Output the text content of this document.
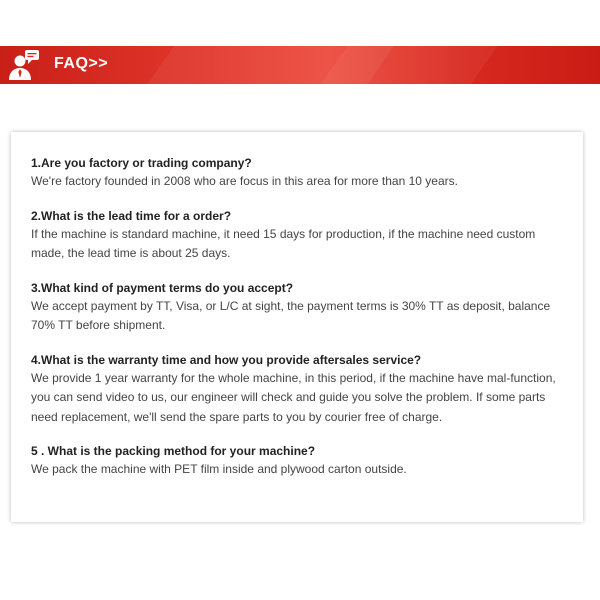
FAQ>>

1.Are you factory or trading company?

We're factory founded in 2008 who are focus in this area for more than 10 years.

2.What is the lead time for a order?

If the machine is standard machine, it need 15 days for production, if the machine need custom made, the lead time is about 25 days.

3.What kind of payment terms do you accept?

We accept payment by TT, Visa, or L/C at sight, the payment terms is 30% TT as deposit, balance 70% TT before shipment.

4.What is the warranty time and how you provide aftersales service?

We provide 1 year warranty for the whole machine, in this period, if the machine have mal-function, you can send video to us, our engineer will check and guide you solve the problem. If some parts need replacement, we'll send the spare parts to you by courier free of charge.

5 . What is the packing method for your machine?

We pack the machine with PET film inside and plywood carton outside.
